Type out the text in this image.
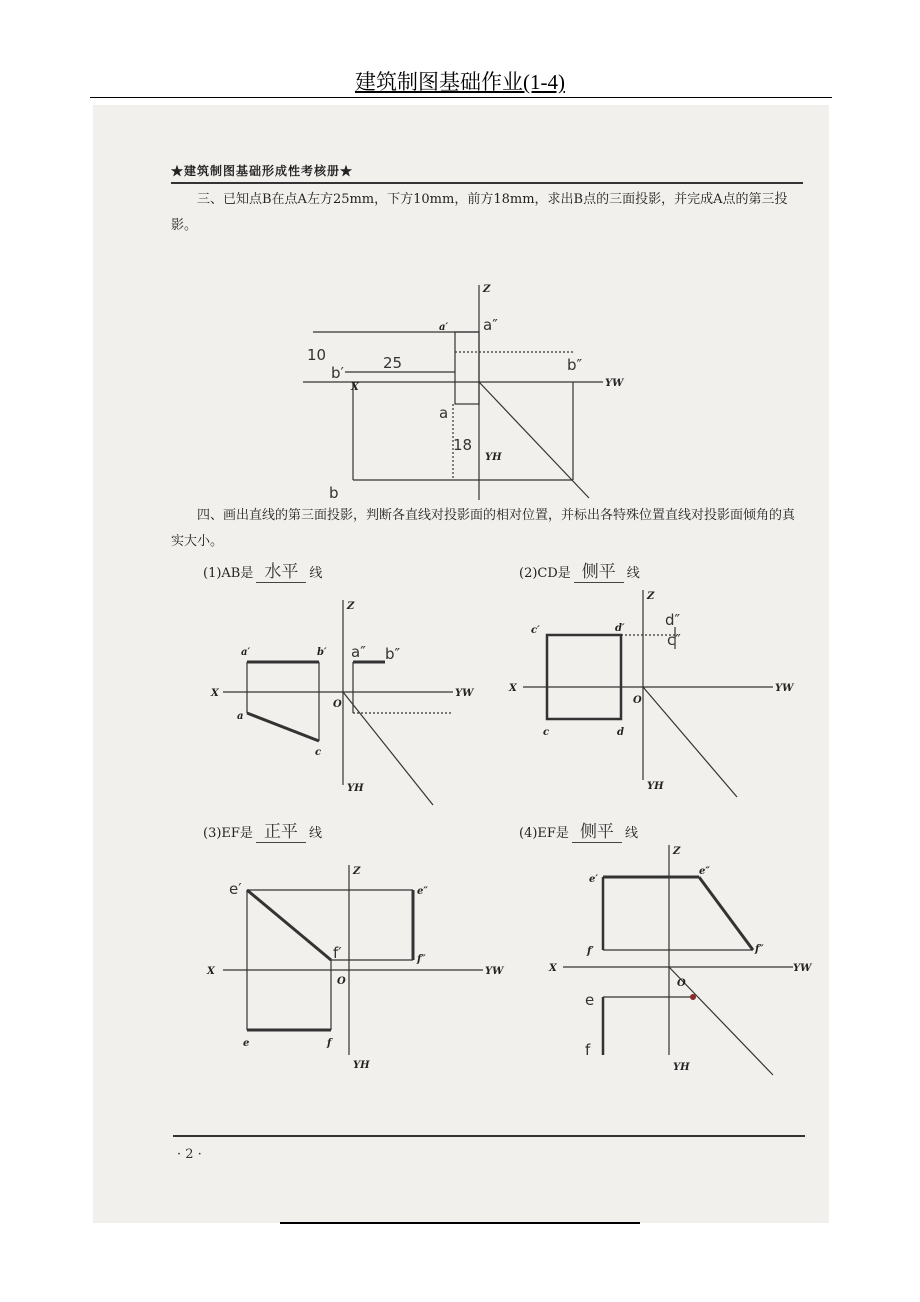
建筑制图基础作业(1-4)
★建筑制图基础形成性考核册★
三、已知点B在点A左方25mm，下方10mm，前方18mm，求出B点的三面投影，并完成A点的第三投影。
Z
YW
YH
a′ a″
b″
b′
a
b
25
10
18
X
四、画出直线的第三面投影，判断各直线对投影面的相对位置，并标出各特殊位置直线对投影面倾角的真实大小。
(1)AB是 水平 线	(2)CD是 侧平 线
Z
X
O
YW
YH
a′	b′ a″ b″
a
c
Z
X
O
YW
YH
c′	d′	d″
c″
c	d
(3)EF是 正平 线	(4)EF是 侧平 线
Z
X
O
YW
YH
e′
f′
e″
f″
e	f
Z
X
O
YW
YH
e′
e″
f′	f″
e
f
· 2 ·
